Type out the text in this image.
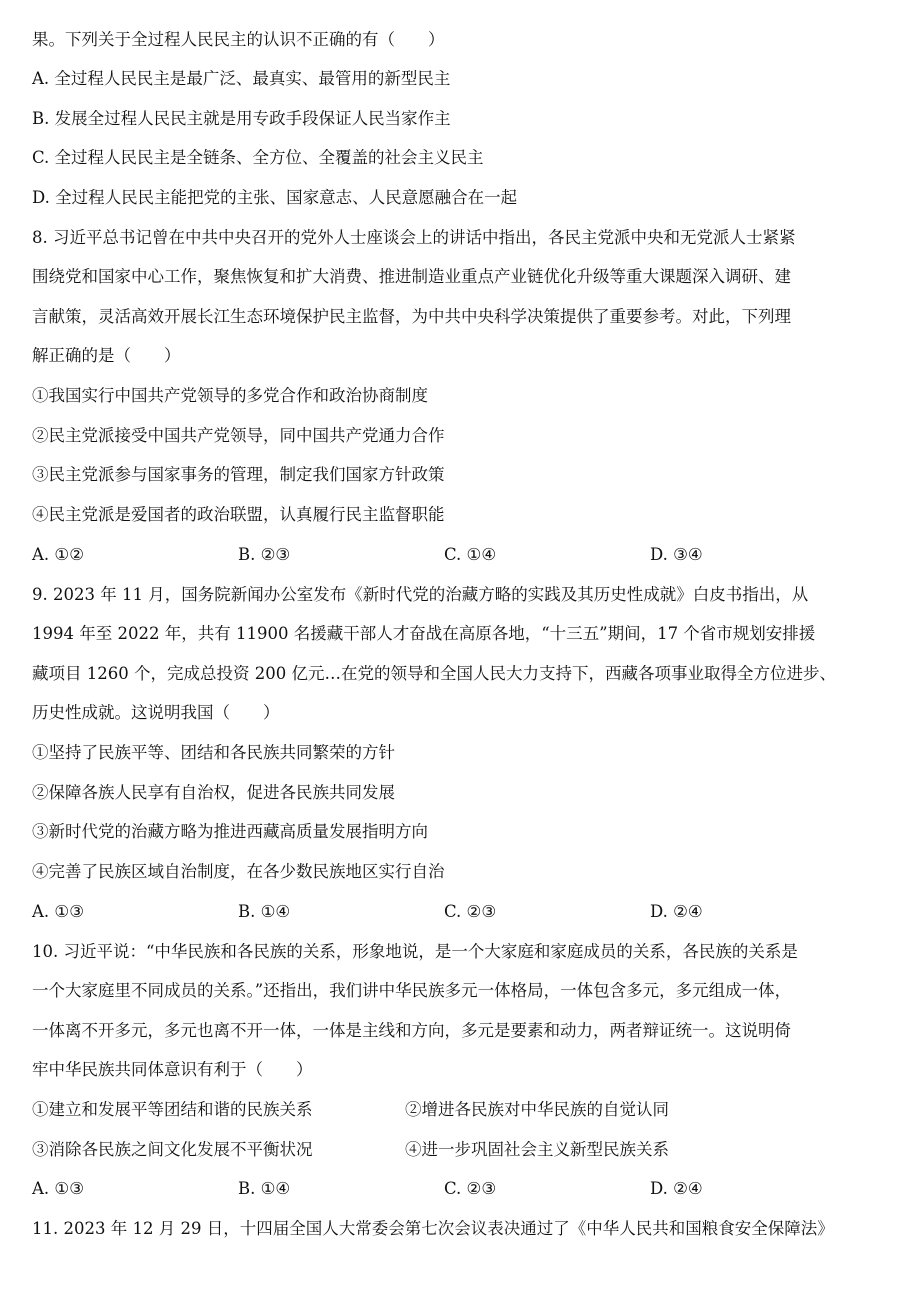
果。下列关于全过程人民民主的认识不正确的有（　　）
A. 全过程人民民主是最广泛、最真实、最管用的新型民主
B. 发展全过程人民民主就是用专政手段保证人民当家作主
C. 全过程人民民主是全链条、全方位、全覆盖的社会主义民主
D. 全过程人民民主能把党的主张、国家意志、人民意愿融合在一起
8. 习近平总书记曾在中共中央召开的党外人士座谈会上的讲话中指出，各民主党派中央和无党派人士紧紧
围绕党和国家中心工作，聚焦恢复和扩大消费、推进制造业重点产业链优化升级等重大课题深入调研、建
言献策，灵活高效开展长江生态环境保护民主监督，为中共中央科学决策提供了重要参考。对此，下列理
解正确的是（　　）
①我国实行中国共产党领导的多党合作和政治协商制度
②民主党派接受中国共产党领导，同中国共产党通力合作
③民主党派参与国家事务的管理，制定我们国家方针政策
④民主党派是爱国者的政治联盟，认真履行民主监督职能
A. ①②	B. ②③	C. ①④	D. ③④
9. 2023 年 11 月，国务院新闻办公室发布《新时代党的治藏方略的实践及其历史性成就》白皮书指出，从
1994 年至 2022 年，共有 11900 名援藏干部人才奋战在高原各地，“十三五”期间，17 个省市规划安排援
藏项目 1260 个，完成总投资 200 亿元…在党的领导和全国人民大力支持下，西藏各项事业取得全方位进步、
历史性成就。这说明我国（　　）
①坚持了民族平等、团结和各民族共同繁荣的方针
②保障各族人民享有自治权，促进各民族共同发展
③新时代党的治藏方略为推进西藏高质量发展指明方向
④完善了民族区域自治制度，在各少数民族地区实行自治
A. ①③	B. ①④	C. ②③	D. ②④
10. 习近平说：“中华民族和各民族的关系，形象地说，是一个大家庭和家庭成员的关系，各民族的关系是
一个大家庭里不同成员的关系。”还指出，我们讲中华民族多元一体格局，一体包含多元，多元组成一体，
一体离不开多元，多元也离不开一体，一体是主线和方向，多元是要素和动力，两者辩证统一。这说明倚
牢中华民族共同体意识有利于（　　）
①建立和发展平等团结和谐的民族关系	②增进各民族对中华民族的自觉认同
③消除各民族之间文化发展不平衡状况	④进一步巩固社会主义新型民族关系
A. ①③	B. ①④	C. ②③	D. ②④
11. 2023 年 12 月 29 日，十四届全国人大常委会第七次会议表决通过了《中华人民共和国粮食安全保障法》
